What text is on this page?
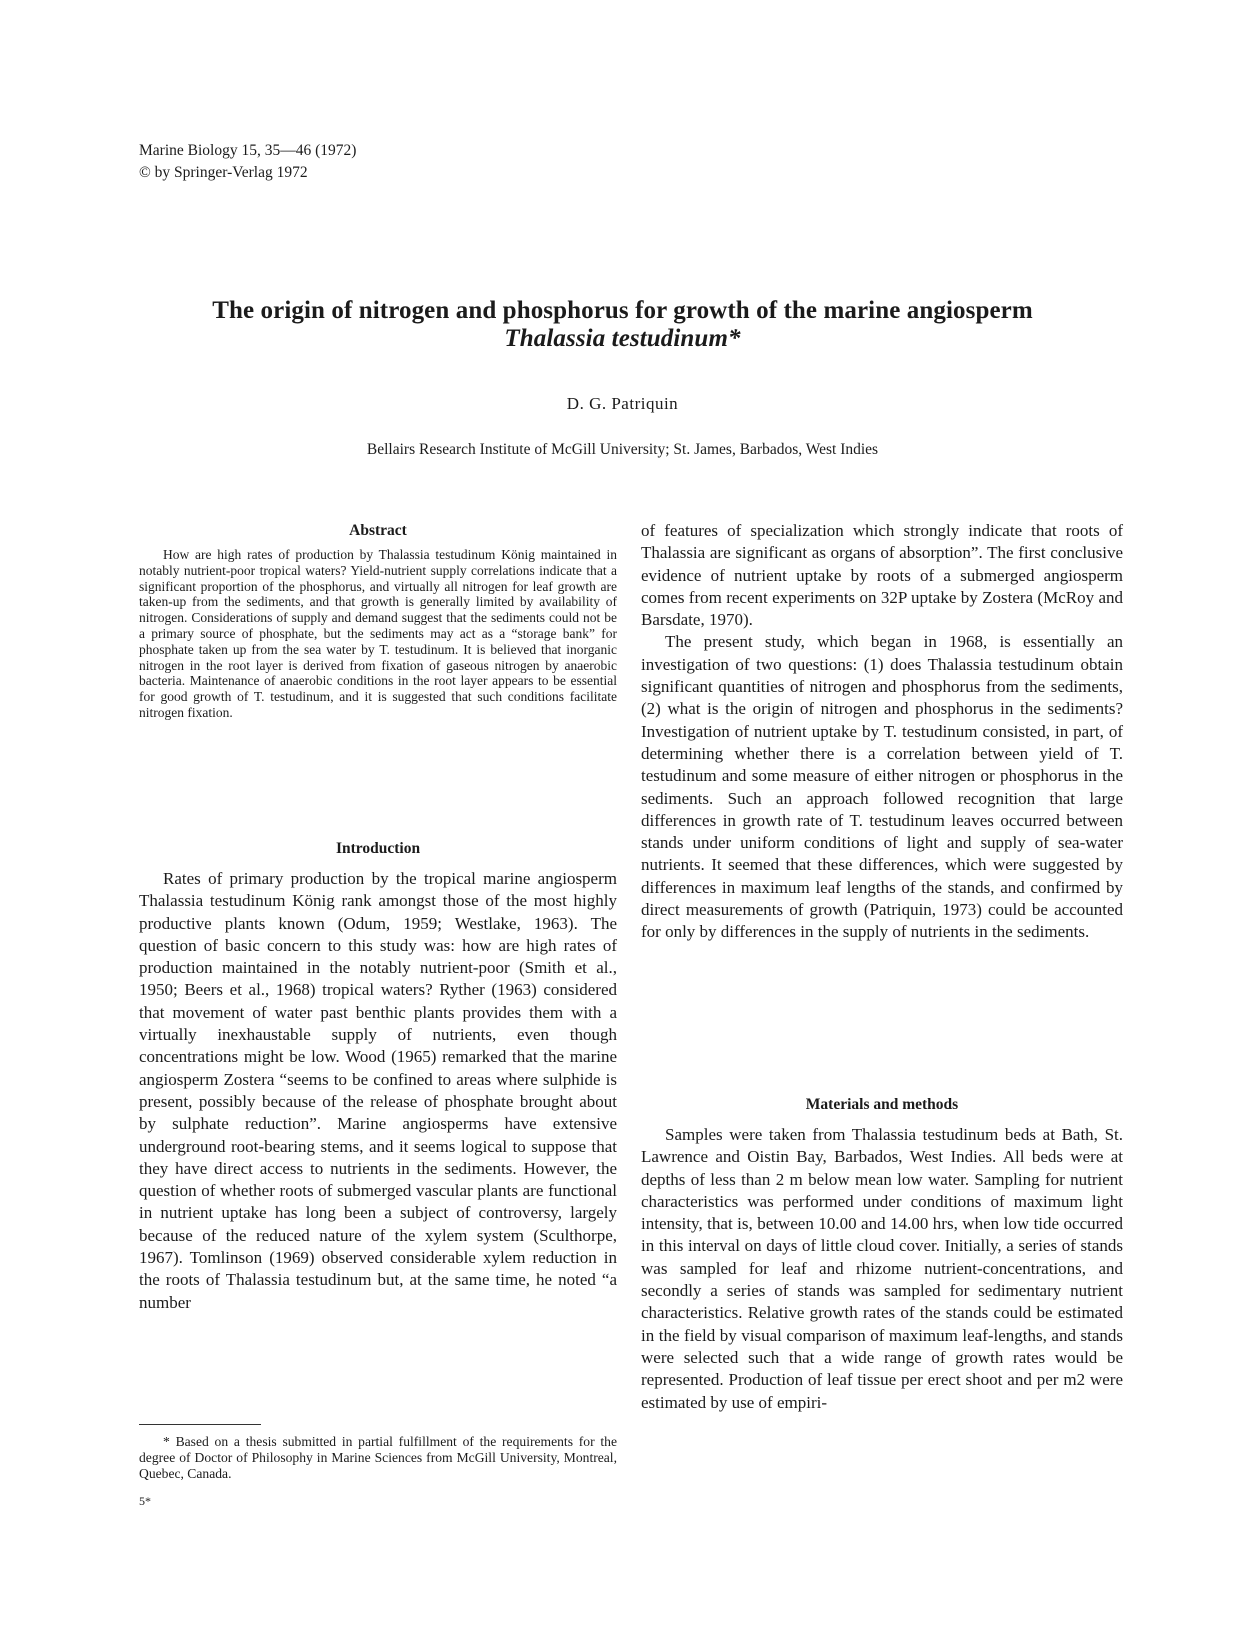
Marine Biology 15, 35—46 (1972)
© by Springer-Verlag 1972
The origin of nitrogen and phosphorus for growth of the marine angiosperm
Thalassia testudinum*
D. G. Patriquin
Bellairs Research Institute of McGill University; St. James, Barbados, West Indies
Abstract
How are high rates of production by Thalassia testudinum König maintained in notably nutrient-poor tropical waters? Yield-nutrient supply correlations indicate that a significant proportion of the phosphorus, and virtually all nitrogen for leaf growth are taken-up from the sediments, and that growth is generally limited by availability of nitrogen. Considerations of supply and demand suggest that the sediments could not be a primary source of phosphate, but the sediments may act as a “storage bank” for phosphate taken up from the sea water by T. testudinum. It is believed that inorganic nitrogen in the root layer is derived from fixation of gaseous nitrogen by anaerobic bacteria. Maintenance of anaerobic conditions in the root layer appears to be essential for good growth of T. testudinum, and it is suggested that such conditions facilitate nitrogen fixation.
Introduction
Rates of primary production by the tropical marine angiosperm Thalassia testudinum König rank amongst those of the most highly productive plants known (Odum, 1959; Westlake, 1963). The question of basic concern to this study was: how are high rates of production maintained in the notably nutrient-poor (Smith et al., 1950; Beers et al., 1968) tropical waters? Ryther (1963) considered that movement of water past benthic plants provides them with a virtually inexhaustable supply of nutrients, even though concentrations might be low. Wood (1965) remarked that the marine angiosperm Zostera “seems to be confined to areas where sulphide is present, possibly because of the release of phosphate brought about by sulphate reduction”. Marine angiosperms have extensive underground root-bearing stems, and it seems logical to suppose that they have direct access to nutrients in the sediments. However, the question of whether roots of submerged vascular plants are functional in nutrient uptake has long been a subject of controversy, largely because of the reduced nature of the xylem system (Sculthorpe, 1967). Tomlinson (1969) observed considerable xylem reduction in the roots of Thalassia testudinum but, at the same time, he noted “a number
* Based on a thesis submitted in partial fulfillment of the requirements for the degree of Doctor of Philosophy in Marine Sciences from McGill University, Montreal, Quebec, Canada.
5*

of features of specialization which strongly indicate that roots of Thalassia are significant as organs of absorption”. The first conclusive evidence of nutrient uptake by roots of a submerged angiosperm comes from recent experiments on 32P uptake by Zostera (McRoy and Barsdate, 1970).

The present study, which began in 1968, is essentially an investigation of two questions: (1) does Thalassia testudinum obtain significant quantities of nitrogen and phosphorus from the sediments, (2) what is the origin of nitrogen and phosphorus in the sediments? Investigation of nutrient uptake by T. testudinum consisted, in part, of determining whether there is a correlation between yield of T. testudinum and some measure of either nitrogen or phosphorus in the sediments. Such an approach followed recognition that large differences in growth rate of T. testudinum leaves occurred between stands under uniform conditions of light and supply of sea-water nutrients. It seemed that these differences, which were suggested by differences in maximum leaf lengths of the stands, and confirmed by direct measurements of growth (Patriquin, 1973) could be accounted for only by differences in the supply of nutrients in the sediments.

Materials and methods
Samples were taken from Thalassia testudinum beds at Bath, St. Lawrence and Oistin Bay, Barbados, West Indies. All beds were at depths of less than 2 m below mean low water. Sampling for nutrient characteristics was performed under conditions of maximum light intensity, that is, between 10.00 and 14.00 hrs, when low tide occurred in this interval on days of little cloud cover. Initially, a series of stands was sampled for leaf and rhizome nutrient-concentrations, and secondly a series of stands was sampled for sedimentary nutrient characteristics. Relative growth rates of the stands could be estimated in the field by visual comparison of maximum leaf-lengths, and stands were selected such that a wide range of growth rates would be represented. Production of leaf tissue per erect shoot and per m2 were estimated by use of empiri-
